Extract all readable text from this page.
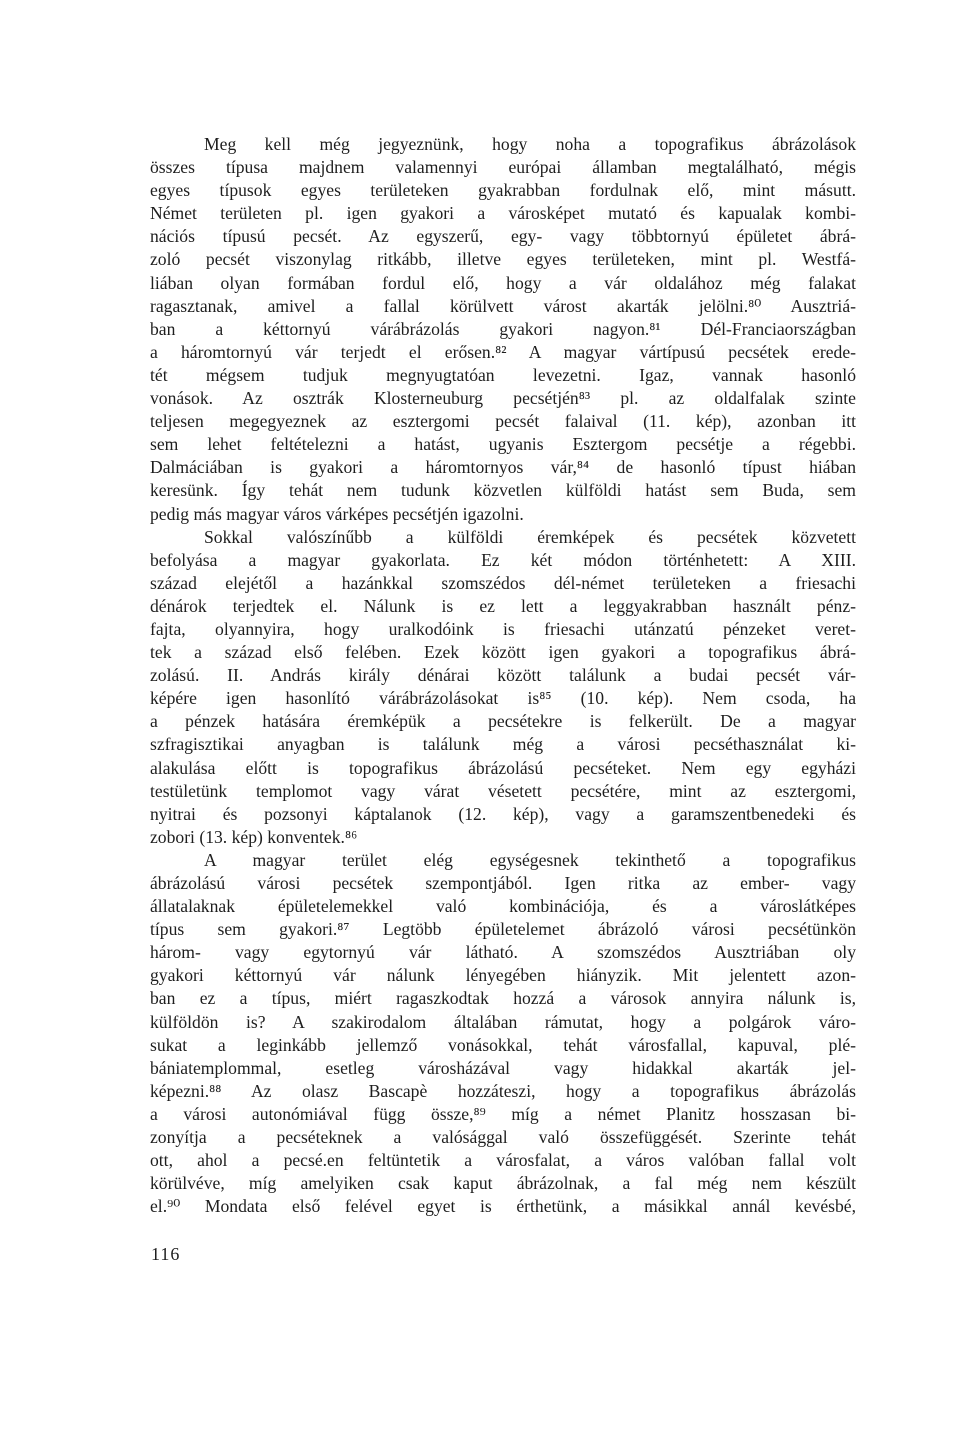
Meg kell még jegyeznünk, hogy noha a topografikus ábrázolások
összes típusa majdnem valamennyi európai államban megtalálható, mégis
egyes típusok egyes területeken gyakrabban fordulnak elő, mint másutt.
Német területen pl. igen gyakori a városképet mutató és kapualak kombi-
nációs típusú pecsét. Az egyszerű, egy- vagy többtornyú épületet ábrá-
zoló pecsét viszonylag ritkább, illetve egyes területeken, mint pl. Westfá-
liában olyan formában fordul elő, hogy a vár oldalához még falakat
ragasztanak, amivel a fallal körülvett várost akarták jelölni.⁸⁰ Ausztriá-
ban a kéttornyú várábrázolás gyakori nagyon.⁸¹ Dél-Franciaországban
a háromtornyú vár terjedt el erősen.⁸² A magyar vártípusú pecsétek erede-
tét mégsem tudjuk megnyugtatóan levezetni. Igaz, vannak hasonló
vonások. Az osztrák Klosterneuburg pecsétjén⁸³ pl. az oldalfalak szinte
teljesen megegyeznek az esztergomi pecsét falaival (11. kép), azonban itt
sem lehet feltételezni a hatást, ugyanis Esztergom pecsétje a régebbi.
Dalmáciában is gyakori a háromtornyos vár,⁸⁴ de hasonló típust hiában
keresünk. Így tehát nem tudunk közvetlen külföldi hatást sem Buda, sem
pedig más magyar város várképes pecsétjén igazolni.
Sokkal valószínűbb a külföldi éremképek és pecsétek közvetett
befolyása a magyar gyakorlata. Ez két módon történhetett: A XIII.
század elejétől a hazánkkal szomszédos dél-német területeken a friesachi
dénárok terjedtek el. Nálunk is ez lett a leggyakrabban használt pénz-
fajta, olyannyira, hogy uralkodóink is friesachi utánzatú pénzeket veret-
tek a század első felében. Ezek között igen gyakori a topografikus ábrá-
zolású. II. András király dénárai között találunk a budai pecsét vár-
képére igen hasonlító várábrázolásokat is⁸⁵ (10. kép). Nem csoda, ha
a pénzek hatására éremképük a pecsétekre is felkerült. De a magyar
szfragisztikai anyagban is találunk még a városi pecséthasználat ki-
alakulása előtt is topografikus ábrázolású pecséteket. Nem egy egyházi
testületünk templomot vagy várat vésetett pecsétére, mint az esztergomi,
nyitrai és pozsonyi káptalanok (12. kép), vagy a garamszentbenedeki és
zobori (13. kép) konventek.⁸⁶
A magyar terület elég egységesnek tekinthető a topografikus
ábrázolású városi pecsétek szempontjából. Igen ritka az ember- vagy
állatalaknak épületelemekkel való kombinációja, és a városlátképes
típus sem gyakori.⁸⁷ Legtöbb épületelemet ábrázoló városi pecsétünkön
három- vagy egytornyú vár látható. A szomszédos Ausztriában oly
gyakori kéttornyú vár nálunk lényegében hiányzik. Mit jelentett azon-
ban ez a típus, miért ragaszkodtak hozzá a városok annyira nálunk is,
külföldön is? A szakirodalom általában rámutat, hogy a polgárok váro-
sukat a leginkább jellemző vonásokkal, tehát városfallal, kapuval, plé-
bániatemplommal, esetleg városházával vagy hidakkal akarták jel-
képezni.⁸⁸ Az olasz Bascapè hozzáteszi, hogy a topografikus ábrázolás
a városi autonómiával függ össze,⁸⁹ míg a német Planitz hosszasan bi-
zonyítja a pecséteknek a valósággal való összefüggését. Szerinte tehát
ott, ahol a pecsé.en feltüntetik a városfalat, a város valóban fallal volt
körülvéve, míg amelyiken csak kaput ábrázolnak, a fal még nem készült
el.⁹⁰ Mondata első felével egyet is érthetünk, a másikkal annál kevésbé,
116
